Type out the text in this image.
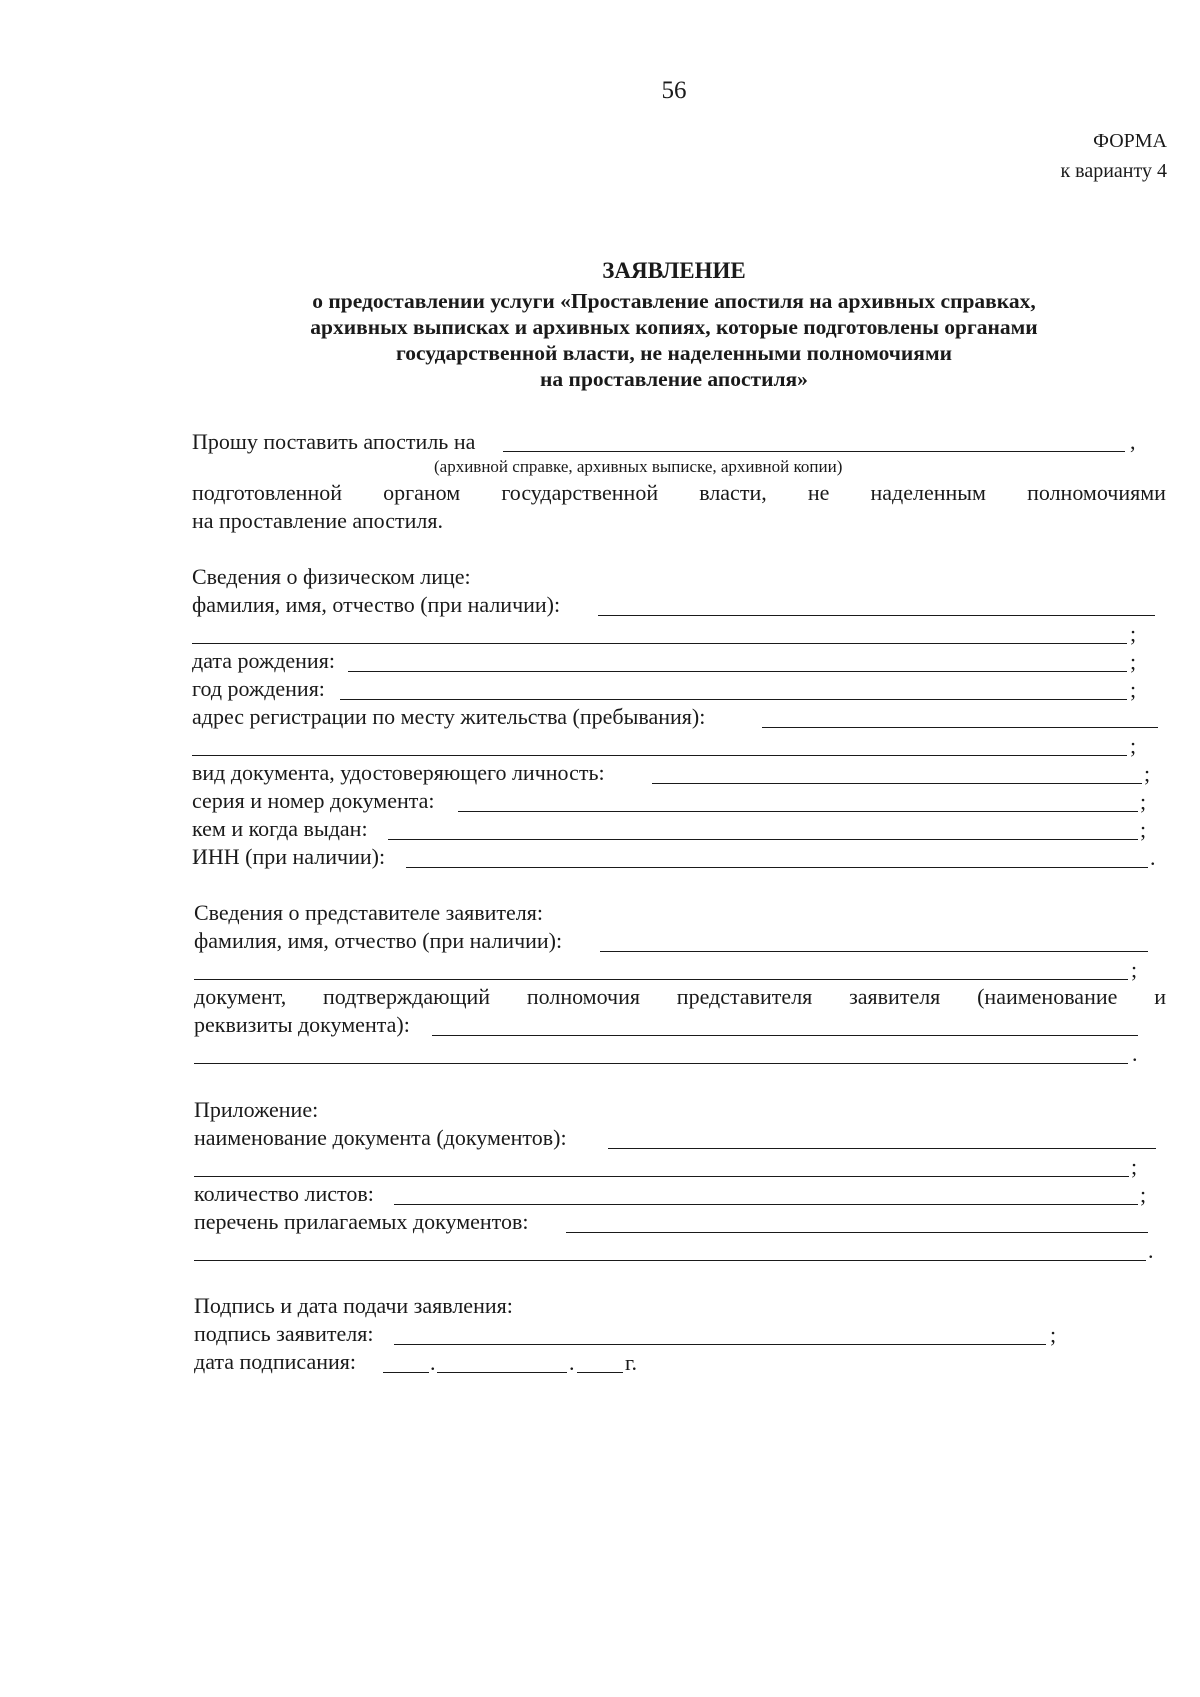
56
ФОРМА
к варианту 4
ЗАЯВЛЕНИЕ
о предоставлении услуги «Проставление апостиля на архивных справках,
архивных выписках и архивных копиях, которые подготовлены органами
государственной власти, не наделенными полномочиями
на проставление апостиля»
Прошу поставить апостиль на	,
(архивной справке, архивных выписке, архивной копии)
подготовленной органом государственной власти, не наделенным полномочиями
на проставление апостиля.
Сведения о физическом лице:
фамилия, имя, отчество (при наличии):
;
дата рождения:	;
год рождения:	;
адрес регистрации по месту жительства (пребывания):
;
вид документа, удостоверяющего личность:	;
серия и номер документа:	;
кем и когда выдан:	;
ИНН (при наличии):	.
Сведения о представителе заявителя:
фамилия, имя, отчество (при наличии):
;
документ, подтверждающий полномочия представителя заявителя (наименование и
реквизиты документа):
.
Приложение:
наименование документа (документов):
;
количество листов:	;
перечень прилагаемых документов:
.
Подпись и дата подачи заявления:
подпись заявителя:	;
дата подписания:	.	. г.
